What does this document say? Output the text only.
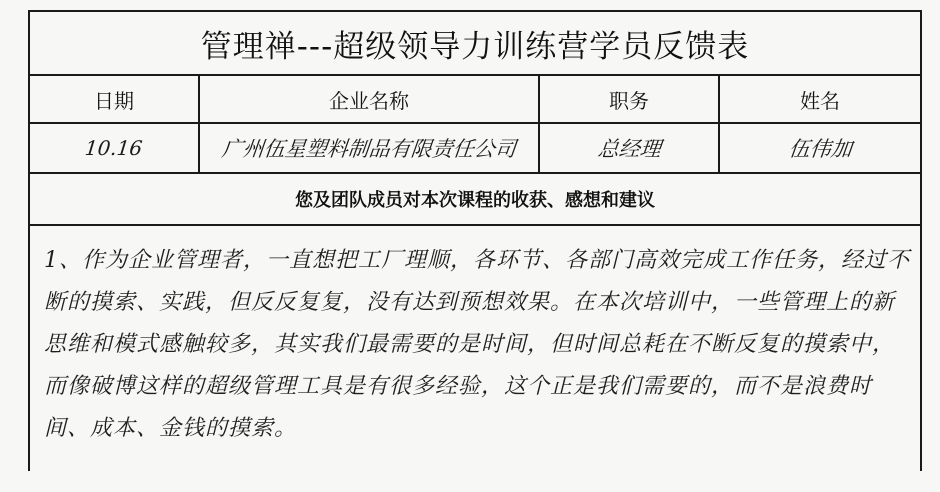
管理禅---超级领导力训练营学员反馈表			
日期	企业名称	职务	姓名
10.16	广州伍星塑料制品有限责任公司	总经理	伍伟加
您及团队成员对本次课程的收获、感想和建议			

1、作为企业管理者，一直想把工厂理顺，各环节、各部门高效完成工作任务，经过不断的摸索、实践，但反反复复，没有达到预想效果。在本次培训中，一些管理上的新思维和模式感触较多，其实我们最需要的是时间，但时间总耗在不断反复的摸索中，而像破博这样的超级管理工具是有很多经验，这个正是我们需要的，而不是浪费时间、成本、金钱的摸索。			
